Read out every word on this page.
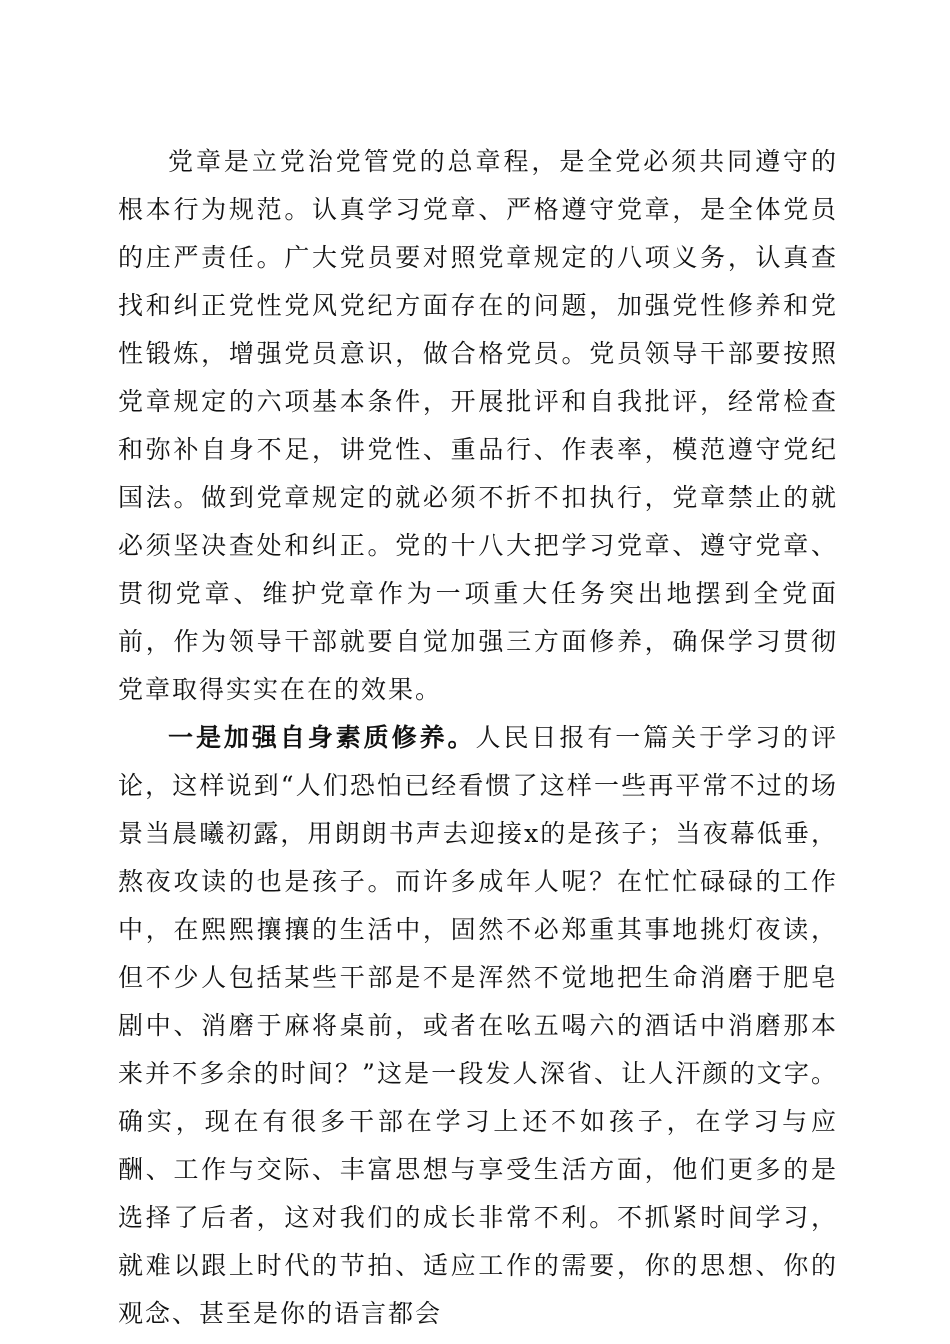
党章是立党治党管党的总章程，是全党必须共同遵守的根本行为规范。认真学习党章、严格遵守党章，是全体党员的庄严责任。广大党员要对照党章规定的八项义务，认真查找和纠正党性党风党纪方面存在的问题，加强党性修养和党性锻炼，增强党员意识，做合格党员。党员领导干部要按照党章规定的六项基本条件，开展批评和自我批评，经常检查和弥补自身不足，讲党性、重品行、作表率，模范遵守党纪国法。做到党章规定的就必须不折不扣执行，党章禁止的就必须坚决查处和纠正。党的十八大把学习党章、遵守党章、贯彻党章、维护党章作为一项重大任务突出地摆到全党面前，作为领导干部就要自觉加强三方面修养，确保学习贯彻党章取得实实在在的效果。

一是加强自身素质修养。人民日报有一篇关于学习的评论，这样说到“人们恐怕已经看惯了这样一些再平常不过的场景当晨曦初露，用朗朗书声去迎接x的是孩子；当夜幕低垂，熬夜攻读的也是孩子。而许多成年人呢？在忙忙碌碌的工作中，在熙熙攘攘的生活中，固然不必郑重其事地挑灯夜读，但不少人包括某些干部是不是浑然不觉地把生命消磨于肥皂剧中、消磨于麻将桌前，或者在吆五喝六的酒话中消磨那本来并不多余的时间？”这是一段发人深省、让人汗颜的文字。确实，现在有很多干部在学习上还不如孩子，在学习与应酬、工作与交际、丰富思想与享受生活方面，他们更多的是选择了后者，这对我们的成长非常不利。不抓紧时间学习，就难以跟上时代的节拍、适应工作的需要，你的思想、你的观念、甚至是你的语言都会
